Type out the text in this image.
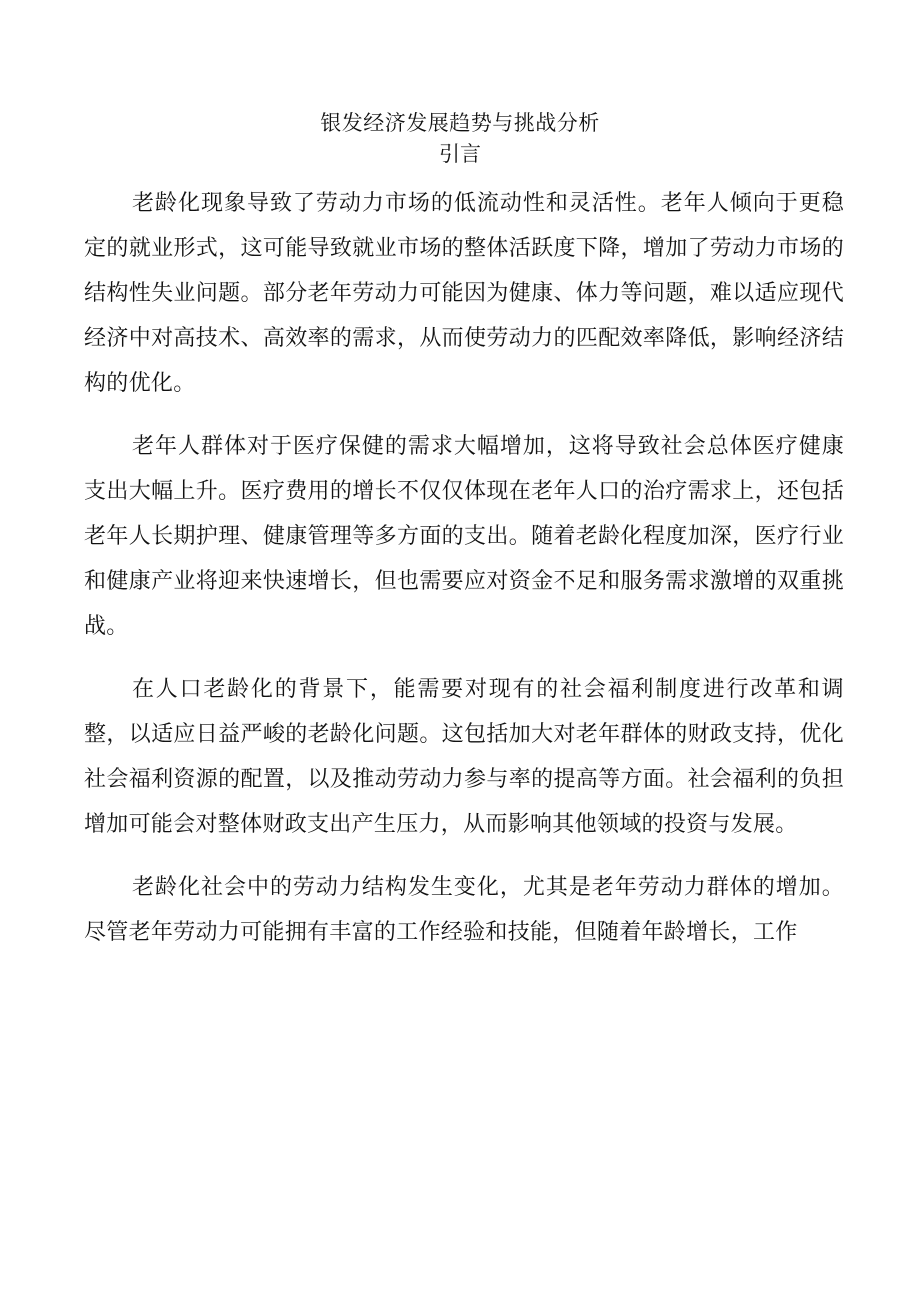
银发经济发展趋势与挑战分析
引言

老龄化现象导致了劳动力市场的低流动性和灵活性。老年人倾向于更稳定的就业形式，这可能导致就业市场的整体活跃度下降，增加了劳动力市场的结构性失业问题。部分老年劳动力可能因为健康、体力等问题，难以适应现代经济中对高技术、高效率的需求，从而使劳动力的匹配效率降低，影响经济结构的优化。

老年人群体对于医疗保健的需求大幅增加，这将导致社会总体医疗健康支出大幅上升。医疗费用的增长不仅仅体现在老年人口的治疗需求上，还包括老年人长期护理、健康管理等多方面的支出。随着老龄化程度加深，医疗行业和健康产业将迎来快速增长，但也需要应对资金不足和服务需求激增的双重挑战。

在人口老龄化的背景下，能需要对现有的社会福利制度进行改革和调整，以适应日益严峻的老龄化问题。这包括加大对老年群体的财政支持，优化社会福利资源的配置，以及推动劳动力参与率的提高等方面。社会福利的负担增加可能会对整体财政支出产生压力，从而影响其他领域的投资与发展。

老龄化社会中的劳动力结构发生变化，尤其是老年劳动力群体的增加。尽管老年劳动力可能拥有丰富的工作经验和技能，但随着年龄增长，工作
